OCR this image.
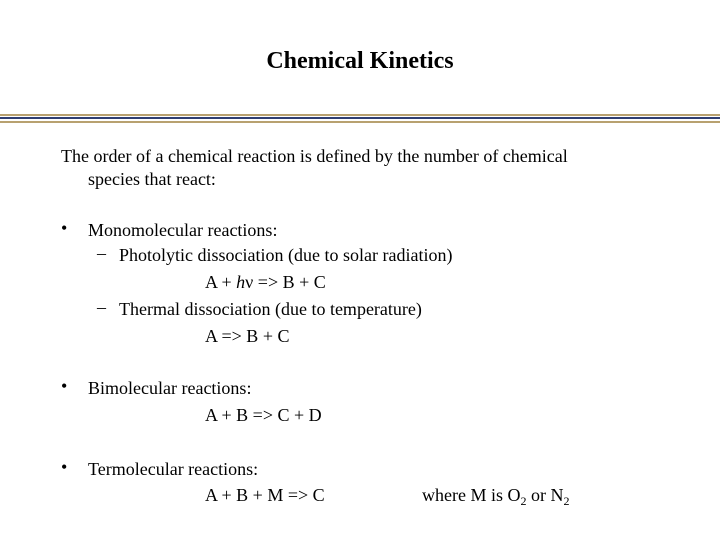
Chemical Kinetics
The order of a chemical reaction is defined by the number of chemical
species that react:
• Monomolecular reactions:
– Photolytic dissociation (due to solar radiation)
A + hν => B + C
– Thermal dissociation (due to temperature)
A => B + C
• Bimolecular reactions:
A + B => C + D
• Termolecular reactions:
A + B + M => C	where M is $O_2$ or $N_2$
